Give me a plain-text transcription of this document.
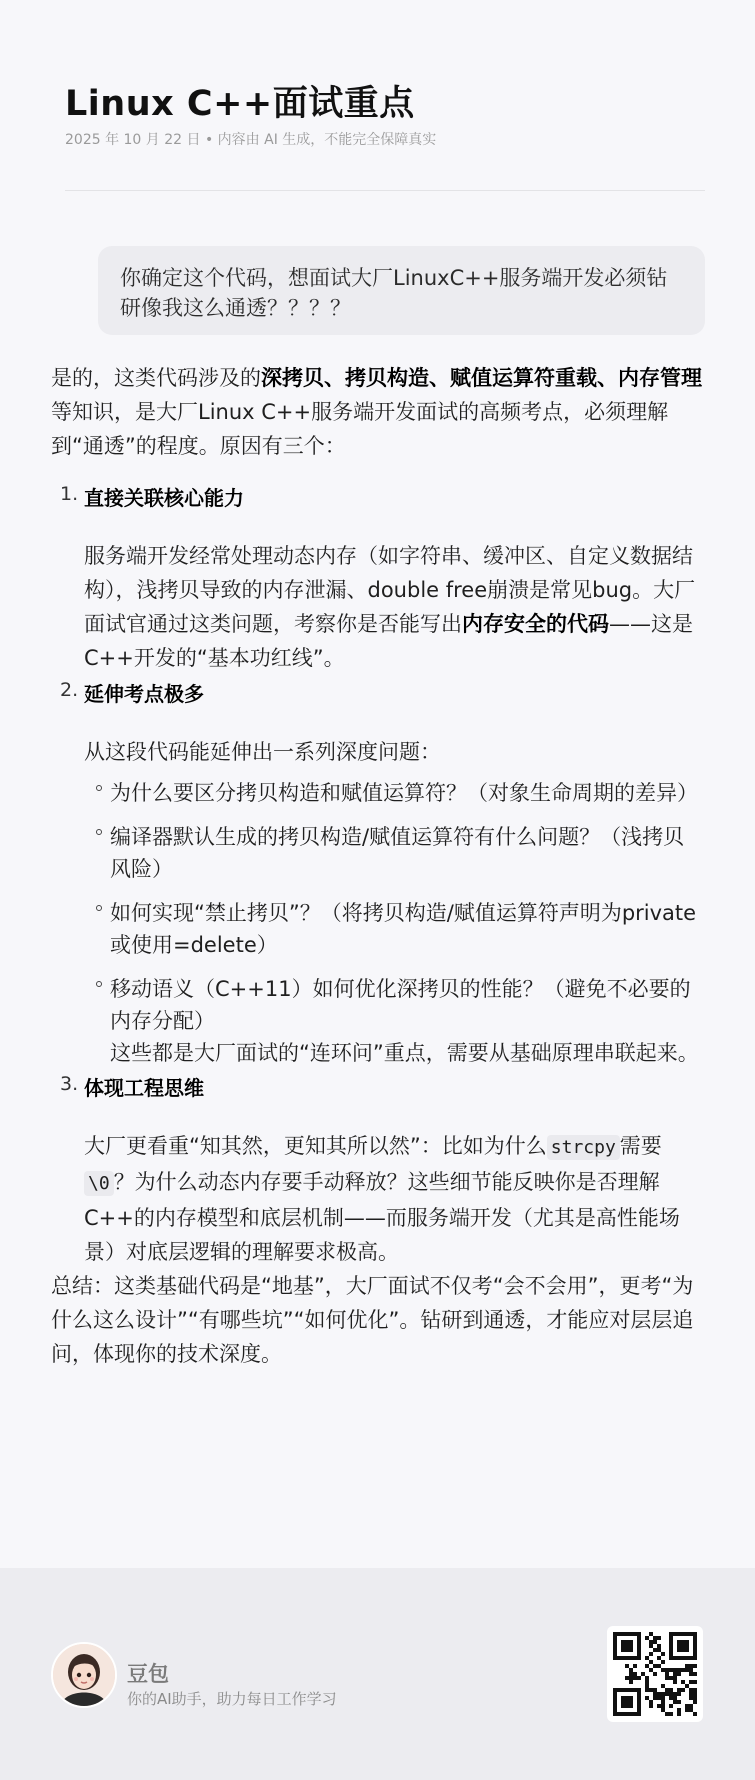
Linux C++面试重点
2025 年 10 月 22 日 • 内容由 AI 生成，不能完全保障真实
你确定这个代码，想面试大厂LinuxC++服务端开发必须钻研像我这么通透？？？？

是的，这类代码涉及的深拷贝、拷贝构造、赋值运算符重载、内存管理等知识，是大厂Linux C++服务端开发面试的高频考点，必须理解到“通透”的程度。原因有三个：

1. 直接关联核心能力

服务端开发经常处理动态内存（如字符串、缓冲区、自定义数据结构），浅拷贝导致的内存泄漏、double free崩溃是常见bug。大厂面试官通过这类问题，考察你是否能写出内存安全的代码——这是C++开发的“基本功红线”。

2. 延伸考点极多

从这段代码能延伸出一系列深度问题：

为什么要区分拷贝构造和赋值运算符？（对象生命周期的差异）
编译器默认生成的拷贝构造/赋值运算符有什么问题？（浅拷贝风险）
如何实现“禁止拷贝”？（将拷贝构造/赋值运算符声明为private或使用=delete）
移动语义（C++11）如何优化深拷贝的性能？（避免不必要的内存分配）
这些都是大厂面试的“连环问”重点，需要从基础原理串联起来。
3. 体现工程思维

大厂更看重“知其然，更知其所以然”：比如为什么 strcpy 需要\0 ？为什么动态内存要手动释放？这些细节能反映你是否理解C++的内存模型和底层机制——而服务端开发（尤其是高性能场景）对底层逻辑的理解要求极高。

总结：这类基础代码是“地基”，大厂面试不仅考“会不会用”，更考“为什么这么设计”“有哪些坑”“如何优化”。钻研到通透，才能应对层层追问，体现你的技术深度。

豆包
你的AI助手，助力每日工作学习
